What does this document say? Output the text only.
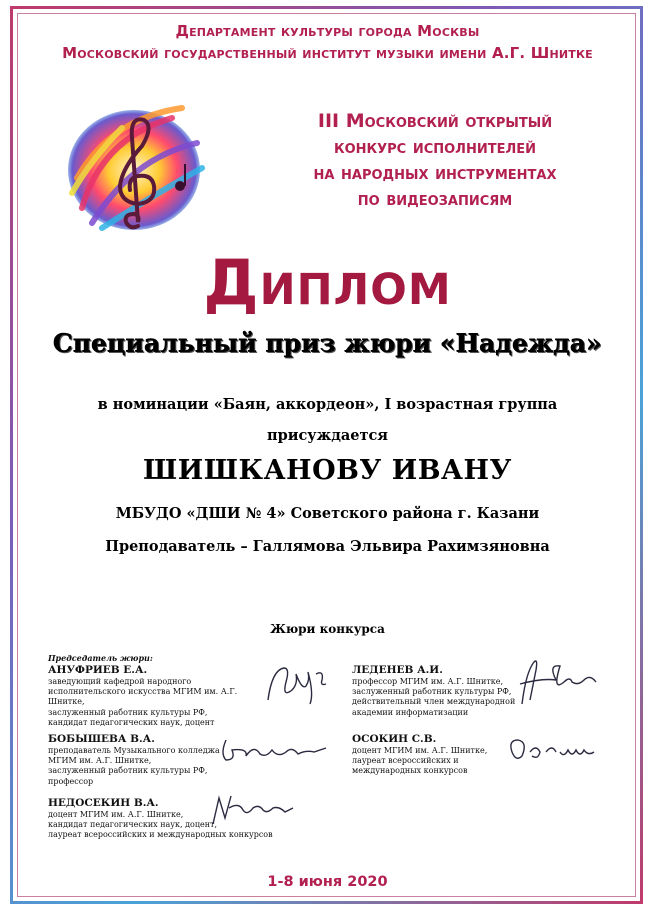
Департамент культуры города Москвы
Московский государственный институт музыки имени А.Г. Шнитке
III Московский открытый
конкурс исполнителей
на народных инструментах
по видеозаписям
Диплом
Специальный приз жюри «Надежда»
в номинации «Баян, аккордеон», I возрастная группа
присуждается
ШИШКАНОВУ ИВАНУ
МБУДО «ДШИ № 4» Советского района г. Казани
Преподаватель – Галлямова Эльвира Рахимзяновна
Жюри конкурса
Председатель жюри:
АНУФРИЕВ Е.А.
заведующий кафедрой народного
исполнительского искусства МГИМ им. А.Г. Шнитке,
заслуженный работник культуры РФ,
кандидат педагогических наук, доцент
ЛЕДЕНЕВ А.И.
профессор МГИМ им. А.Г. Шнитке,
заслуженный работник культуры РФ,
действительный член международной
академии информатизации
БОБЫШЕВА В.А.
преподаватель Музыкального колледжа
МГИМ им. А.Г. Шнитке,
заслуженный работник культуры РФ,
профессор
ОСОКИН С.В.
доцент МГИМ им. А.Г. Шнитке,
лауреат всероссийских и
международных конкурсов
НЕДОСЕКИН В.А.
доцент МГИМ им. А.Г. Шнитке,
кандидат педагогических наук, доцент,
лауреат всероссийских и международных конкурсов
1-8 июня 2020
